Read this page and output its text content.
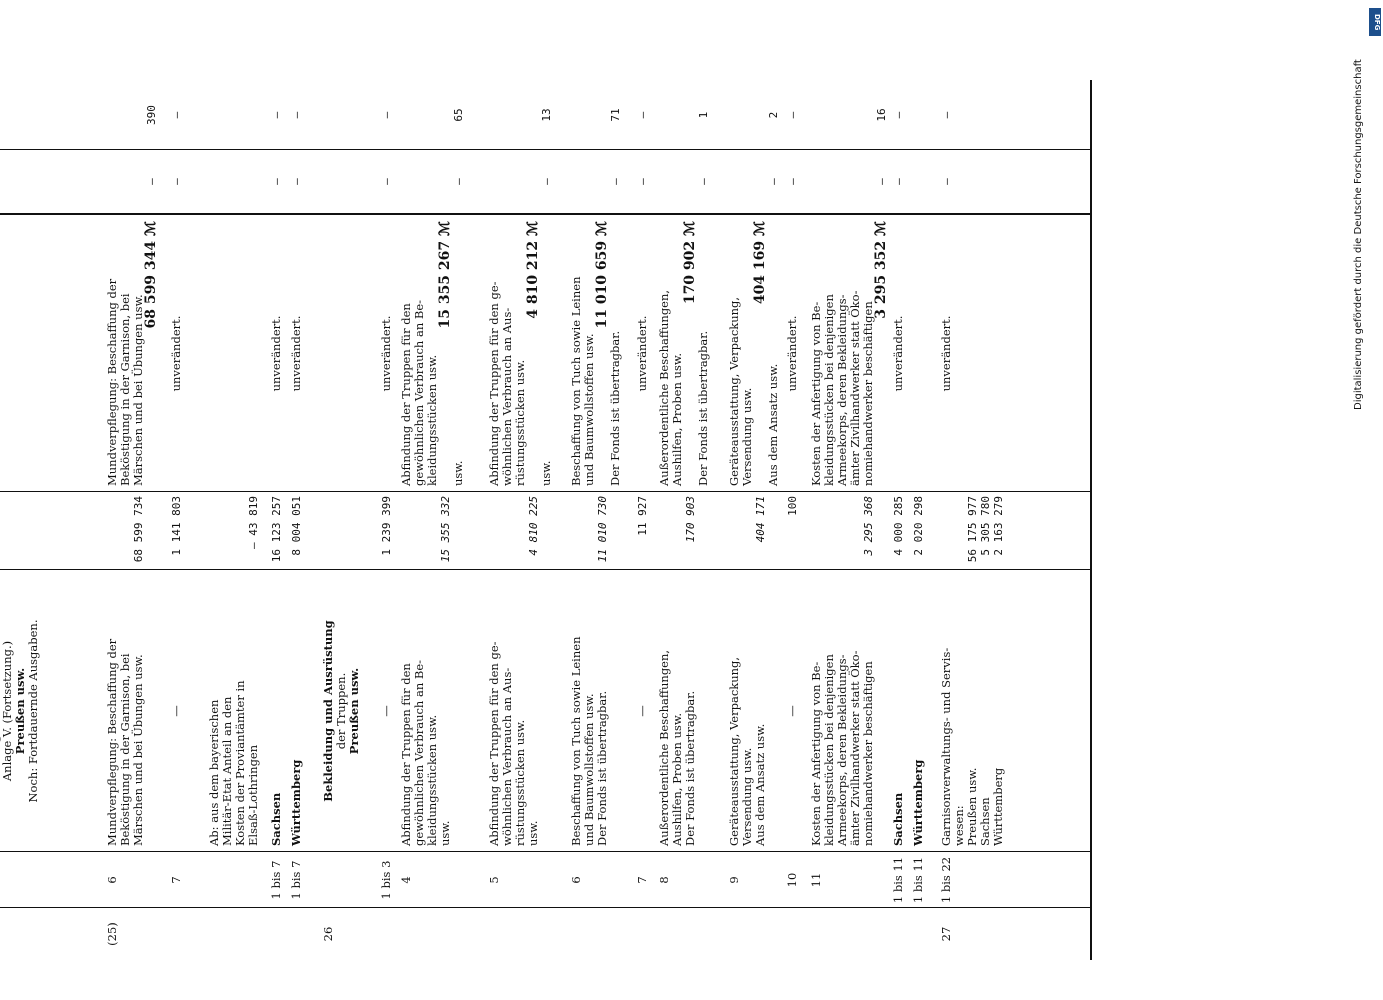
Anlage V. (Fortsetzung.) Preußen usw. Noch: Fortdauernde Ausgaben.
(25)
6
Mundverpflegung: Beschaffung der Beköstigung in der Garnison, bei Märschen und bei Übungen usw.
68 599 734
Mundverpflegung: Beschaffung der Beköstigung in der Garnison, bei Märschen und bei Übungen usw.
68 599 344 ℳ
—
390
7
—
1 141 803
unverändert.
—
—
Ab: aus dem bayerischen Militär-Etat Anteil an den Kosten der Proviantämter in Elsaß-Lothringen
— 43 819
1 bis 7
Sachsen
16 123 257
unverändert.
—
—
1 bis 7
Württemberg
8 004 051
unverändert.
—
—
26
Bekleidung und Ausrüstung der Truppen. Preußen usw.
1 bis 3
—
1 239 399
unverändert.
—
—
4
Abfindung der Truppen für den gewöhnlichen Verbrauch an Be- kleidungsstücken usw. usw.
15 355 332
Abfindung der Truppen für den gewöhnlichen Verbrauch an Be- kleidungsstücken usw.
15 355 267 ℳ
usw.
—
65
5
Abfindung der Truppen für den ge- wöhnlichen Verbrauch an Aus- rüstungsstücken usw. usw.
4 810 225
Abfindung der Truppen für den ge- wöhnlichen Verbrauch an Aus- rüstungsstücken usw.
4 810 212 ℳ
usw.
—
13
6
Beschaffung von Tuch sowie Leinen und Baumwollstoffen usw. Der Fonds ist übertragbar.
11 010 730
Beschaffung von Tuch sowie Leinen und Baumwollstoffen usw.
11 010 659 ℳ
Der Fonds ist übertragbar.
—
71
7
—
11 927
unverändert.
—
—
8
Außerordentliche Beschaffungen, Aushilfen, Proben usw. Der Fonds ist übertragbar.
170 903
Außerordentliche Beschaffungen, Aushilfen, Proben usw.
170 902 ℳ
Der Fonds ist übertragbar.
—
1
9
Geräteausstattung, Verpackung, Versendung usw. Aus dem Ansatz usw.
404 171
Geräteausstattung, Verpackung, Versendung usw.
404 169 ℳ
Aus dem Ansatz usw.
—
2
10
—
100
unverändert.
—
—
11
Kosten der Anfertigung von Be- kleidungsstücken bei denjenigen Armeekorps, deren Bekleidungs- ämter Zivilhandwerker statt Öko- nomiehandwerker beschäftigen
3 295 368
Kosten der Anfertigung von Be- kleidungsstücken bei denjenigen Armeekorps, deren Bekleidungs- ämter Zivilhandwerker statt Öko- nomiehandwerker beschäftigen
3 295 352 ℳ
—
16
1 bis 11
Sachsen
4 000 285
unverändert.
—
—
1 bis 11
Württemberg
2 020 298
27
1 bis 22
Garnisonverwaltungs- und Servis- wesen: Preußen usw. Sachsen Württemberg
56 175 977 5 305 780 2 163 279
unverändert.
—
—	Digitalisierung gefördert durch die Deutsche Forschungsgemeinschaft
DFG
